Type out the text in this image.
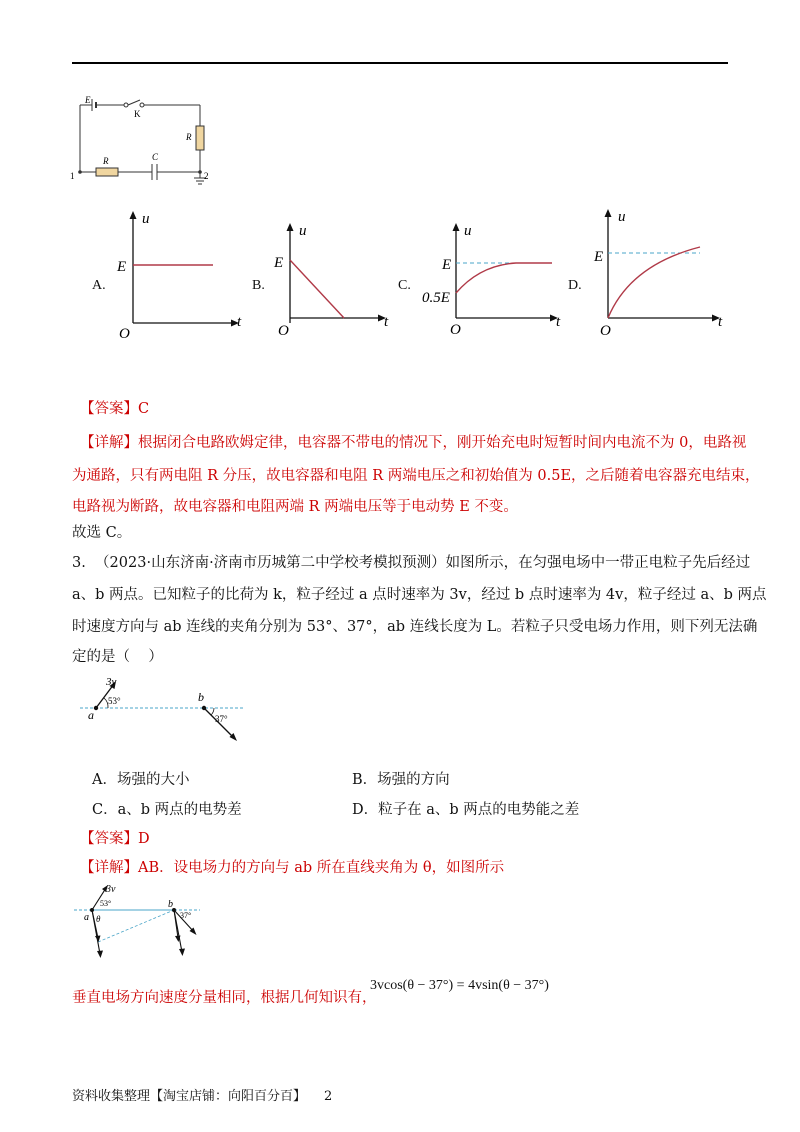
E
K
R
R	C
1	2
A.
u
t
O
E
B.
u
t
O
E
C.
u
t
O
E
0.5E
D.
u
t
O
E
【答案】C
【详解】根据闭合电路欧姆定律，电容器不带电的情况下，刚开始充电时短暂时间内电流不为 0，电路视
为通路，只有两电阻 R 分压，故电容器和电阻 R 两端电压之和初始值为 0.5E，之后随着电容器充电结束，
电路视为断路，故电容器和电阻两端 R 两端电压等于电动势 E 不变。
故选 C。
3.  （2023·山东济南·济南市历城第二中学校考模拟预测）如图所示，在匀强电场中一带正电粒子先后经过
a、b 两点。已知粒子的比荷为 k，粒子经过 a 点时速率为 3v，经过 b 点时速率为 4v，粒子经过 a、b 两点
时速度方向与 ab 连线的夹角分别为 53°、37°，ab 连线长度为 L。若粒子只受电场力作用，则下列无法确
定的是（    ）
3v
53°
a
b
37°
A．场强的大小	B．场强的方向
C．a、b 两点的电势差	D．粒子在 a、b 两点的电势能之差
【答案】D
【详解】AB．设电场力的方向与 ab 所在直线夹角为 θ，如图所示
3v
53°
θ
a
b
37°
垂直电场方向速度分量相同，根据几何知识有，
3vcos(θ − 37°) = 4vsin(θ − 37°)
资料收集整理【淘宝店铺：向阳百分百】 2
